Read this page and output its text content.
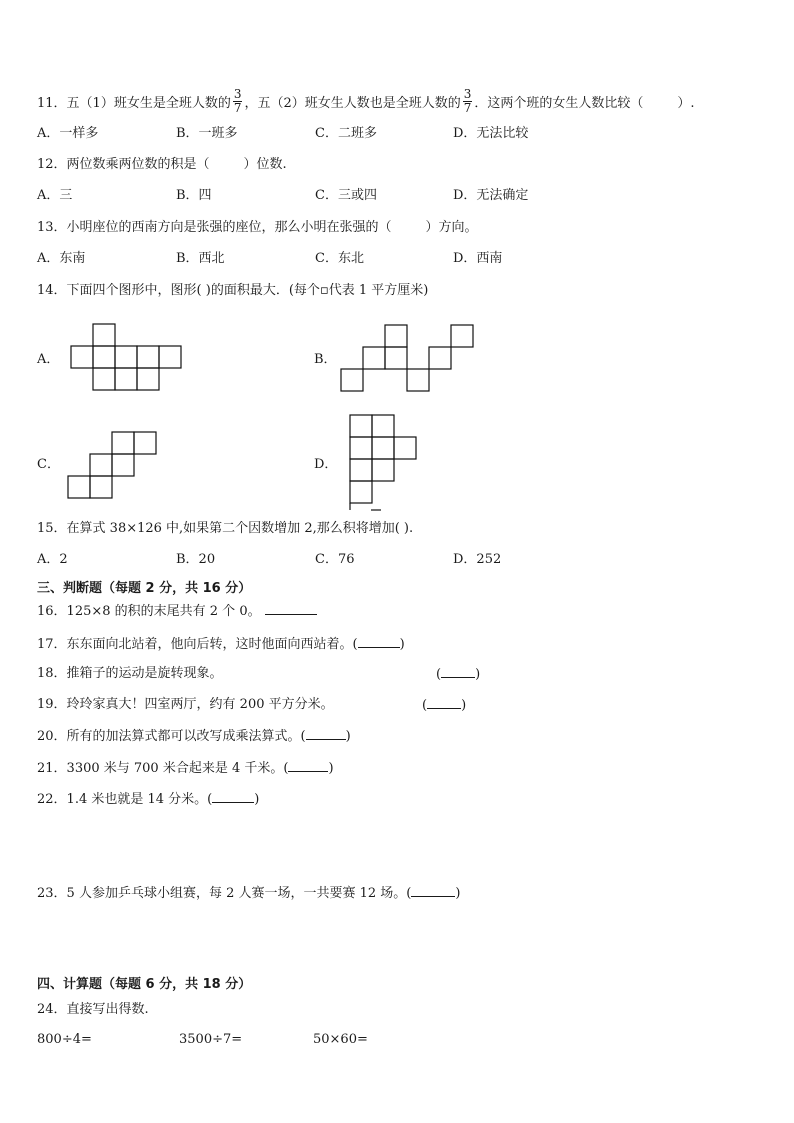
11．五（1）班女生是全班人数的 $\frac{3}{7}$ ，五（2）班女生人数也是全班人数的 $\frac{3}{7}$ ．这两个班的女生人数比较（	）.
A．一样多	B．一班多	C．二班多	D．无法比较
12．两位数乘两位数的积是（	）位数.
A．三	B．四	C．三或四	D．无法确定
13．小明座位的西南方向是张强的座位，那么小明在张强的（	）方向。
A．东南	B．西北	C．东北	D．西南
14．下面四个图形中，图形( )的面积最大．(每个▫代表 1 平方厘米)
A．	B．
C．	D．
15．在算式 38×126 中,如果第二个因数增加 2,那么积将增加( ).
A．2	B．20	C．76	D．252
三、判断题（每题 2 分，共 16 分）
16．125×8 的积的末尾共有 2 个 0。
17．东东面向北站着，他向后转，这时他面向西站着。(	)
18．推箱子的运动是旋转现象。	(	)
19．玲玲家真大！四室两厅，约有 200 平方分米。	(	)
20．所有的加法算式都可以改写成乘法算式。(	)
21．3300 米与 700 米合起来是 4 千米。(	)
22．1.4 米也就是 14 分米。(	)
23．5 人参加乒乓球小组赛，每 2 人赛一场，一共要赛 12 场。(	)
四、计算题（每题 6 分，共 18 分）
24．直接写出得数.
800÷4=	3500÷7=	50×60=
